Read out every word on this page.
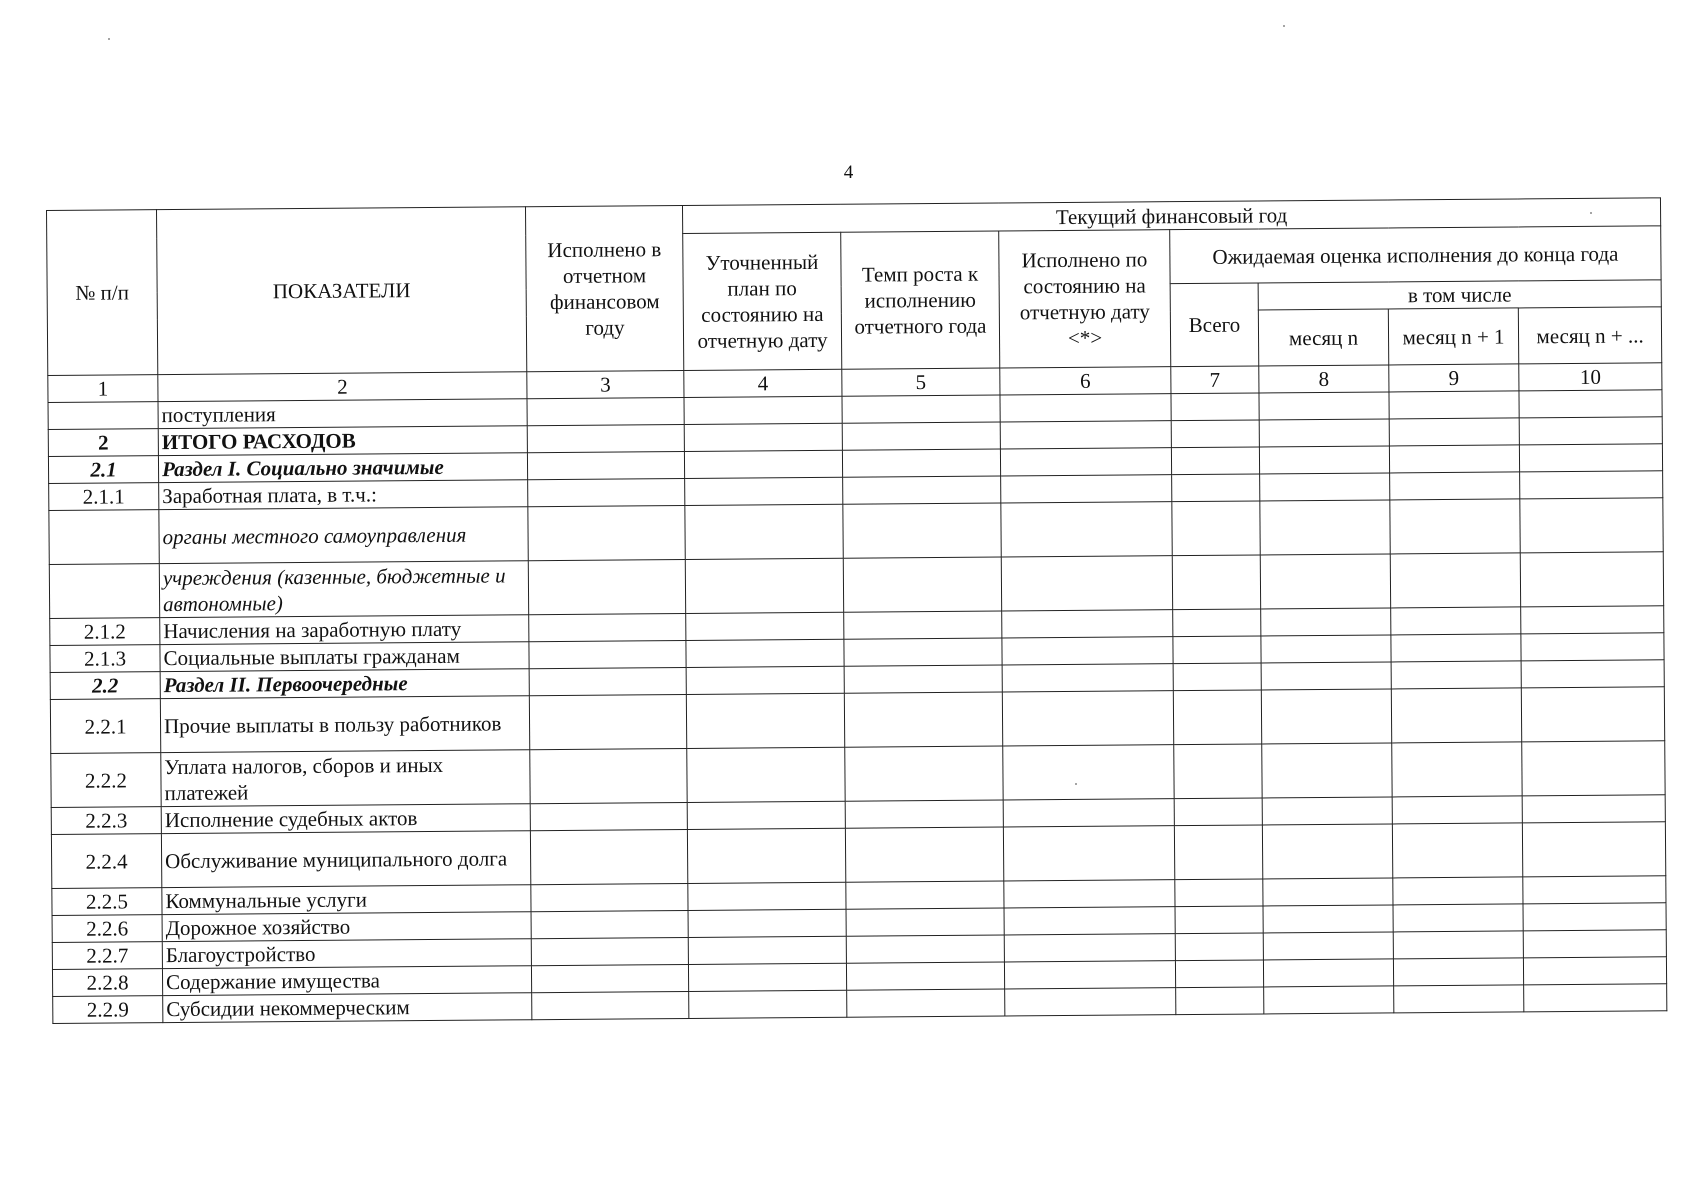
4
№ п/п	ПОКАЗАТЕЛИ	Исполнено в отчетном финансовом году	Текущий финансовый год						
			Уточненный план по состоянию на отчетную дату	Темп роста к исполнению отчетного года	Исполнено по состоянию на отчетную дату <*>	Ожидаемая оценка исполнения до конца года			
						Всего	в том числе		
							месяц n	месяц n + 1	месяц n + ...
1	2	3	4	5	6	7	8	9	10
	поступления								
2	ИТОГО РАСХОДОВ								
2.1	Раздел I. Социально значимые								
2.1.1	Заработная плата, в т.ч.:								
	органы местного самоуправления								
	учреждения (казенные, бюджетные и автономные)								
2.1.2	Начисления на заработную плату								
2.1.3	Социальные выплаты гражданам								
2.2	Раздел II. Первоочередные								
2.2.1	Прочие выплаты в пользу работников								
2.2.2	Уплата налогов, сборов и иных платежей								
2.2.3	Исполнение судебных актов								
2.2.4	Обслуживание муниципального долга								
2.2.5	Коммунальные услуги								
2.2.6	Дорожное хозяйство								
2.2.7	Благоустройство								
2.2.8	Содержание имущества								
2.2.9	Субсидии некоммерческим								
